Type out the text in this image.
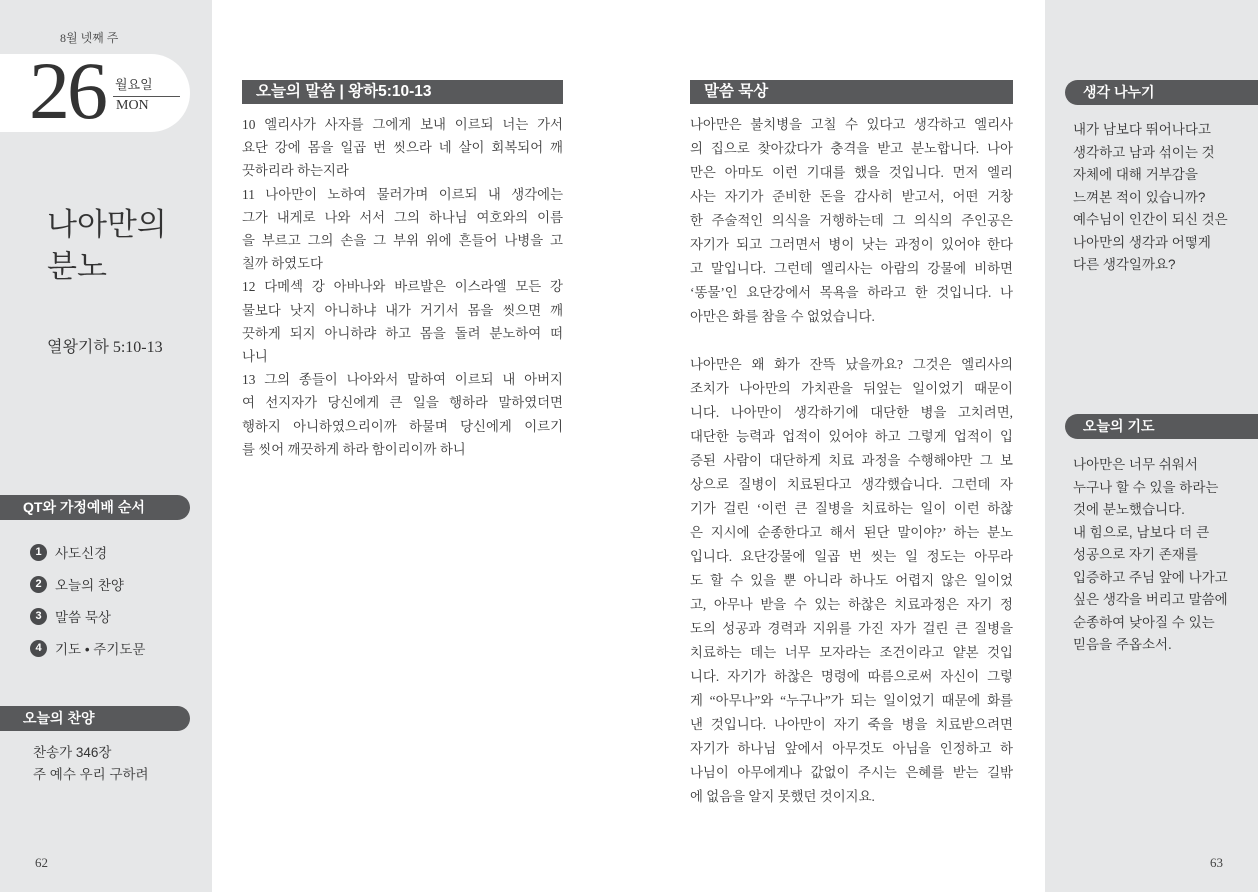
8월 넷째 주
26 월요일
MON
나아만의
분노
열왕기하 5:10-13
QT와 가정예배 순서
1 사도신경
2 오늘의 찬양
3 말씀 묵상
4 기도 • 주기도문
오늘의 찬양
찬송가 346장
주 예수 우리 구하려
62
오늘의 말씀 | 왕하5:10-13
10 엘리사가 사자를 그에게 보내 이르되 너는 가서
요단 강에 몸을 일곱 번 씻으라 네 살이 회복되어 깨
끗하리라 하는지라
11 나아만이 노하여 물러가며 이르되 내 생각에는
그가 내게로 나와 서서 그의 하나님 여호와의 이름
을 부르고 그의 손을 그 부위 위에 흔들어 나병을 고
칠까 하였도다
12 다메섹 강 아바나와 바르발은 이스라엘 모든 강
물보다 낫지 아니하냐 내가 거기서 몸을 씻으면 깨
끗하게 되지 아니하랴 하고 몸을 돌려 분노하여 떠
나니
13 그의 종들이 나아와서 말하여 이르되 내 아버지
여 선지자가 당신에게 큰 일을 행하라 말하였더면
행하지 아니하였으리이까 하물며 당신에게 이르기
를 씻어 깨끗하게 하라 함이리이까 하니
말씀 묵상
나아만은 불치병을 고칠 수 있다고 생각하고 엘리사
의 집으로 찾아갔다가 충격을 받고 분노합니다. 나아
만은 아마도 이런 기대를 했을 것입니다. 먼저 엘리
사는 자기가 준비한 돈을 감사히 받고서, 어떤 거창
한 주술적인 의식을 거행하는데 그 의식의 주인공은
자기가 되고 그러면서 병이 낫는 과정이 있어야 한다
고 말입니다. 그런데 엘리사는 아람의 강물에 비하면
‘똥물’인 요단강에서 목욕을 하라고 한 것입니다. 나
아만은 화를 참을 수 없었습니다.
나아만은 왜 화가 잔뜩 났을까요? 그것은 엘리사의
조치가 나아만의 가치관을 뒤엎는 일이었기 때문이
니다. 나아만이 생각하기에 대단한 병을 고치려면,
대단한 능력과 업적이 있어야 하고 그렇게 업적이 입
증된 사람이 대단하게 치료 과정을 수행해야만 그 보
상으로 질병이 치료된다고 생각했습니다. 그런데 자
기가 걸린 ‘이런 큰 질병을 치료하는 일이 이런 하찮
은 지시에 순종한다고 해서 된단 말이야?’ 하는 분노
입니다. 요단강물에 일곱 번 씻는 일 정도는 아무라
도 할 수 있을 뿐 아니라 하나도 어렵지 않은 일이었
고, 아무나 받을 수 있는 하찮은 치료과정은 자기 정
도의 성공과 경력과 지위를 가진 자가 걸린 큰 질병을
치료하는 데는 너무 모자라는 조건이라고 얕본 것입
니다. 자기가 하찮은 명령에 따름으로써 자신이 그렇
게 “아무나”와 “누구나”가 되는 일이었기 때문에 화를
낸 것입니다. 나아만이 자기 죽을 병을 치료받으려면
자기가 하나님 앞에서 아무것도 아님을 인정하고 하
나님이 아무에게나 값없이 주시는 은혜를 받는 길밖
에 없음을 알지 못했던 것이지요.
생각 나누기
내가 남보다 뛰어나다고
생각하고 남과 섞이는 것
자체에 대해 거부감을
느껴본 적이 있습니까?
예수님이 인간이 되신 것은
나아만의 생각과 어떻게
다른 생각일까요?
오늘의 기도
나아만은 너무 쉬워서
누구나 할 수 있을 하라는
것에 분노했습니다.
내 힘으로, 남보다 더 큰
성공으로 자기 존재를
입증하고 주님 앞에 나가고
싶은 생각을 버리고 말씀에
순종하여 낮아질 수 있는
믿음을 주옵소서.
63
